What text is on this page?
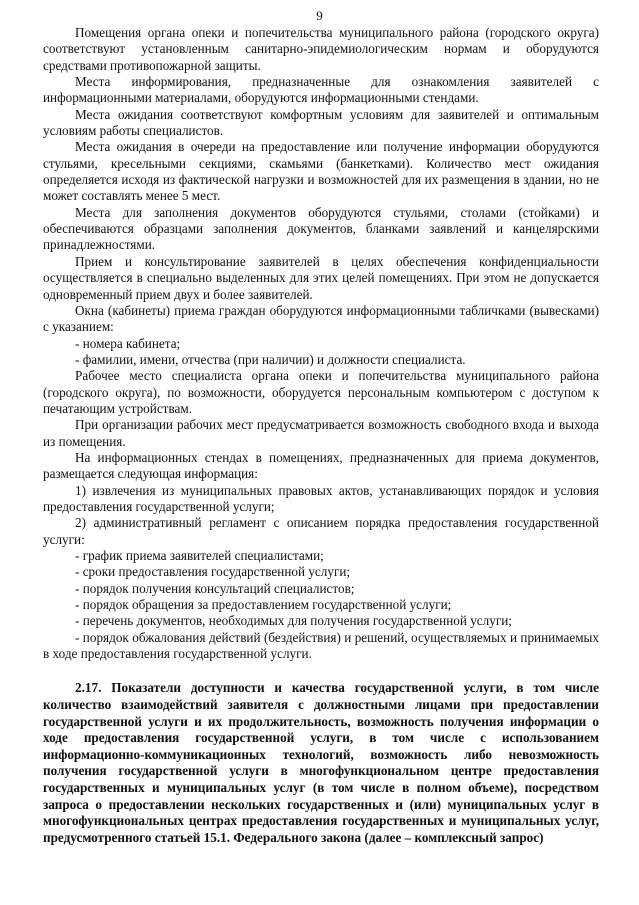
9

Помещения органа опеки и попечительства муниципального района (городского округа) соответствуют установленным санитарно-эпидемиологическим нормам и оборудуются средствами противопожарной защиты.

Места информирования, предназначенные для ознакомления заявителей с информационными материалами, оборудуются информационными стендами.

Места ожидания соответствуют комфортным условиям для заявителей и оптимальным условиям работы специалистов.

Места ожидания в очереди на предоставление или получение информации оборудуются стульями, кресельными секциями, скамьями (банкетками). Количество мест ожидания определяется исходя из фактической нагрузки и возможностей для их размещения в здании, но не может составлять менее 5 мест.

Места для заполнения документов оборудуются стульями, столами (стойками) и обеспечиваются образцами заполнения документов, бланками заявлений и канцелярскими принадлежностями.

Прием и консультирование заявителей в целях обеспечения конфиденциальности осуществляется в специально выделенных для этих целей помещениях. При этом не допускается одновременный прием двух и более заявителей.

Окна (кабинеты) приема граждан оборудуются информационными табличками (вывесками) с указанием:

- номера кабинета;

- фамилии, имени, отчества (при наличии) и должности специалиста.

Рабочее место специалиста органа опеки и попечительства муниципального района (городского округа), по возможности, оборудуется персональным компьютером с доступом к печатающим устройствам.

При организации рабочих мест предусматривается возможность свободного входа и выхода из помещения.

На информационных стендах в помещениях, предназначенных для приема документов, размещается следующая информация:

1) извлечения из муниципальных правовых актов, устанавливающих порядок и условия предоставления государственной услуги;

2) административный регламент с описанием порядка предоставления государственной услуги:

- график приема заявителей специалистами;

- сроки предоставления государственной услуги;

- порядок получения консультаций специалистов;

- порядок обращения за предоставлением государственной услуги;

- перечень документов, необходимых для получения государственной услуги;

- порядок обжалования действий (бездействия) и решений, осуществляемых и принимаемых в ходе предоставления государственной услуги.

2.17. Показатели доступности и качества государственной услуги, в том числе количество взаимодействий заявителя с должностными лицами при предоставлении государственной услуги и их продолжительность, возможность получения информации о ходе предоставления государственной услуги, в том числе с использованием информационно-коммуникационных технологий, возможность либо невозможность получения государственной услуги в многофункциональном центре предоставления государственных и муниципальных услуг (в том числе в полном объеме), посредством запроса о предоставлении нескольких государственных и (или) муниципальных услуг в многофункциональных центрах предоставления государственных и муниципальных услуг, предусмотренного статьей 15.1. Федерального закона (далее – комплексный запрос)
